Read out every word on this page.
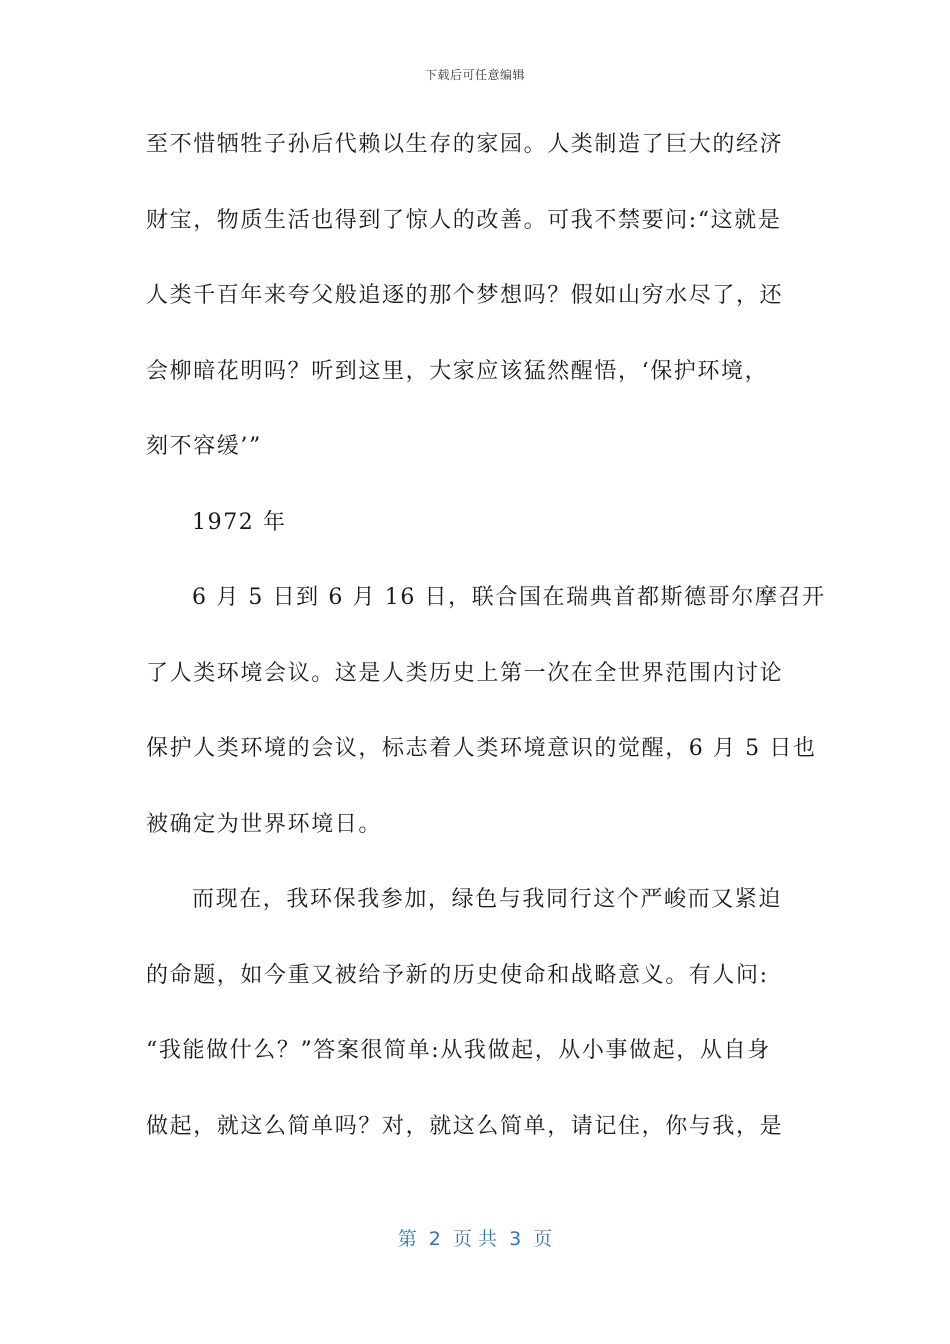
下载后可任意编辑
至不惜牺牲子孙后代赖以生存的家园。人类制造了巨大的经济
财宝，物质生活也得到了惊人的改善。可我不禁要问:“这就是
人类千百年来夸父般追逐的那个梦想吗？假如山穷水尽了，还
会柳暗花明吗？听到这里，大家应该猛然醒悟，‘保护环境，
刻不容缓’”
1972 年
6 月 5 日到 6 月 16 日，联合国在瑞典首都斯德哥尔摩召开
了人类环境会议。这是人类历史上第一次在全世界范围内讨论
保护人类环境的会议，标志着人类环境意识的觉醒，6 月 5 日也
被确定为世界环境日。
而现在，我环保我参加，绿色与我同行这个严峻而又紧迫
的命题，如今重又被给予新的历史使命和战略意义。有人问:
“我能做什么？”答案很简单:从我做起，从小事做起，从自身
做起，就这么简单吗？对，就这么简单，请记住，你与我，是
第  2  页 共  3  页
